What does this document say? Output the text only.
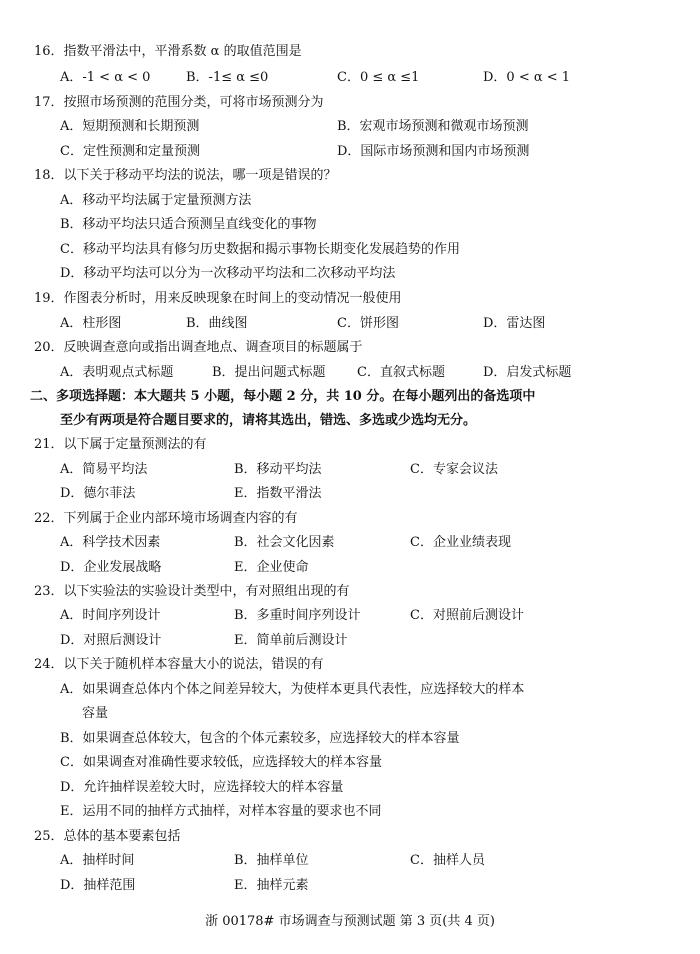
16．指数平滑法中，平滑系数 α 的取值范围是
A．-1 < α < 0	B．-1≤ α ≤0	C．0 ≤ α ≤1	D．0 < α < 1
17．按照市场预测的范围分类，可将市场预测分为
A．短期预测和长期预测	B．宏观市场预测和微观市场预测
C．定性预测和定量预测	D．国际市场预测和国内市场预测
18．以下关于移动平均法的说法，哪一项是错误的？
A．移动平均法属于定量预测方法
B．移动平均法只适合预测呈直线变化的事物
C．移动平均法具有修匀历史数据和揭示事物长期变化发展趋势的作用
D．移动平均法可以分为一次移动平均法和二次移动平均法
19．作图表分析时，用来反映现象在时间上的变动情况一般使用
A．柱形图	B．曲线图	C．饼形图	D．雷达图
20．反映调查意向或指出调查地点、调查项目的标题属于
A．表明观点式标题	B．提出问题式标题 C．直叙式标题	D．启发式标题
二、多项选择题：本大题共 5 小题，每小题 2 分，共 10 分。在每小题列出的备选项中
至少有两项是符合题目要求的，请将其选出，错选、多选或少选均无分。
21．以下属于定量预测法的有
A．简易平均法	B．移动平均法	C．专家会议法
D．德尔菲法	E．指数平滑法
22．下列属于企业内部环境市场调查内容的有
A．科学技术因素	B．社会文化因素	C．企业业绩表现
D．企业发展战略	E．企业使命
23．以下实验法的实验设计类型中，有对照组出现的有
A．时间序列设计	B．多重时间序列设计	C．对照前后测设计
D．对照后测设计	E．简单前后测设计
24．以下关于随机样本容量大小的说法，错误的有
A．如果调查总体内个体之间差异较大，为使样本更具代表性，应选择较大的样本
容量
B．如果调查总体较大，包含的个体元素较多，应选择较大的样本容量
C．如果调查对准确性要求较低，应选择较大的样本容量
D．允许抽样误差较大时，应选择较大的样本容量
E．运用不同的抽样方式抽样，对样本容量的要求也不同
25．总体的基本要素包括
A．抽样时间	B．抽样单位	C．抽样人员
D．抽样范围	E．抽样元素
浙 00178# 市场调查与预测试题 第 3 页(共 4 页)
